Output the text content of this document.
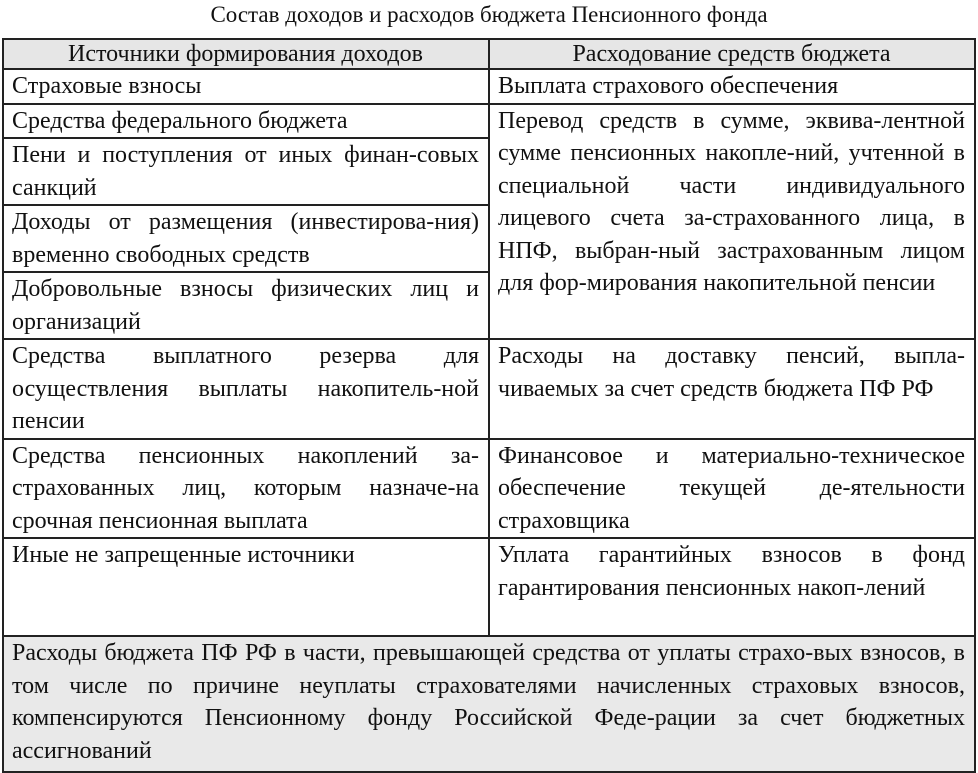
Состав доходов и расходов бюджета Пенсионного фонда
Источники формирования доходов	Расходование средств бюджета
Страховые взносы	Выплата страхового обеспечения
Средства федерального бюджета	Перевод средств в сумме, эквива-лентной сумме пенсионных накопле-ний, учтенной в специальной части индивидуального лицевого счета за-страхованного лица, в НПФ, выбран-ный застрахованным лицом для фор-мирования накопительной пенсии
Пени и поступления от иных финан-совых санкций	
Доходы от размещения (инвестирова-ния) временно свободных средств	
Добровольные взносы физических лиц и организаций	
Средства выплатного резерва для осуществления выплаты накопитель-ной пенсии	Расходы на доставку пенсий, выпла-чиваемых за счет средств бюджета ПФ РФ
Средства пенсионных накоплений за-страхованных лиц, которым назначе-на срочная пенсионная выплата	Финансовое и материально-техническое обеспечение текущей де-ятельности страховщика
Иные не запрещенные источники	Уплата гарантийных взносов в фонд гарантирования пенсионных накоп-лений
Расходы бюджета ПФ РФ в части, превышающей средства от уплаты страхо-вых взносов, в том числе по причине неуплаты страхователями начисленных страховых взносов, компенсируются Пенсионному фонду Российской Феде-рации за счет бюджетных ассигнований	
